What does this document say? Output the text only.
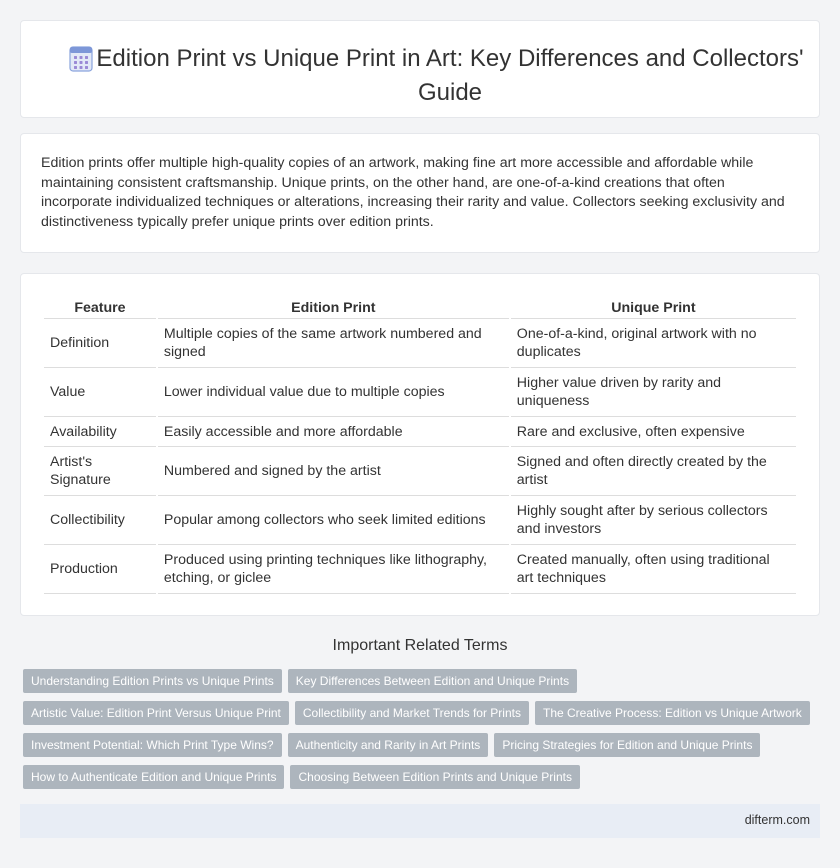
Edition Print vs Unique Print in Art: Key Differences and Collectors' Guide

Edition prints offer multiple high-quality copies of an artwork, making fine art more accessible and affordable while maintaining consistent craftsmanship. Unique prints, on the other hand, are one-of-a-kind creations that often incorporate individualized techniques or alterations, increasing their rarity and value. Collectors seeking exclusivity and distinctiveness typically prefer unique prints over edition prints.

Feature	Edition Print	Unique Print
Definition	Multiple copies of the same artwork numbered and signed	One-of-a-kind, original artwork with no duplicates
Value	Lower individual value due to multiple copies	Higher value driven by rarity and uniqueness
Availability	Easily accessible and more affordable	Rare and exclusive, often expensive
Artist's Signature	Numbered and signed by the artist	Signed and often directly created by the artist
Collectibility	Popular among collectors who seek limited editions	Highly sought after by serious collectors and investors
Production	Produced using printing techniques like lithography, etching, or giclee	Created manually, often using traditional art techniques
Important Related Terms
Understanding Edition Prints vs Unique Prints	Key Differences Between Edition and Unique Prints
Artistic Value: Edition Print Versus Unique Print	Collectibility and Market Trends for Prints	The Creative Process: Edition vs Unique Artwork
Investment Potential: Which Print Type Wins?	Authenticity and Rarity in Art Prints	Pricing Strategies for Edition and Unique Prints
How to Authenticate Edition and Unique Prints	Choosing Between Edition Prints and Unique Prints
difterm.com
